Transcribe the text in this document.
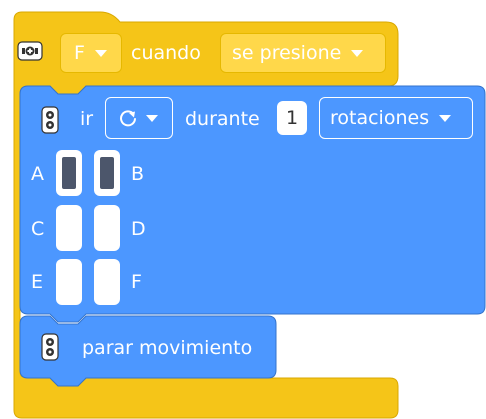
F cuando se presione
ir	durante	1	rotaciones
A	B
C	D
E	F
parar movimiento
